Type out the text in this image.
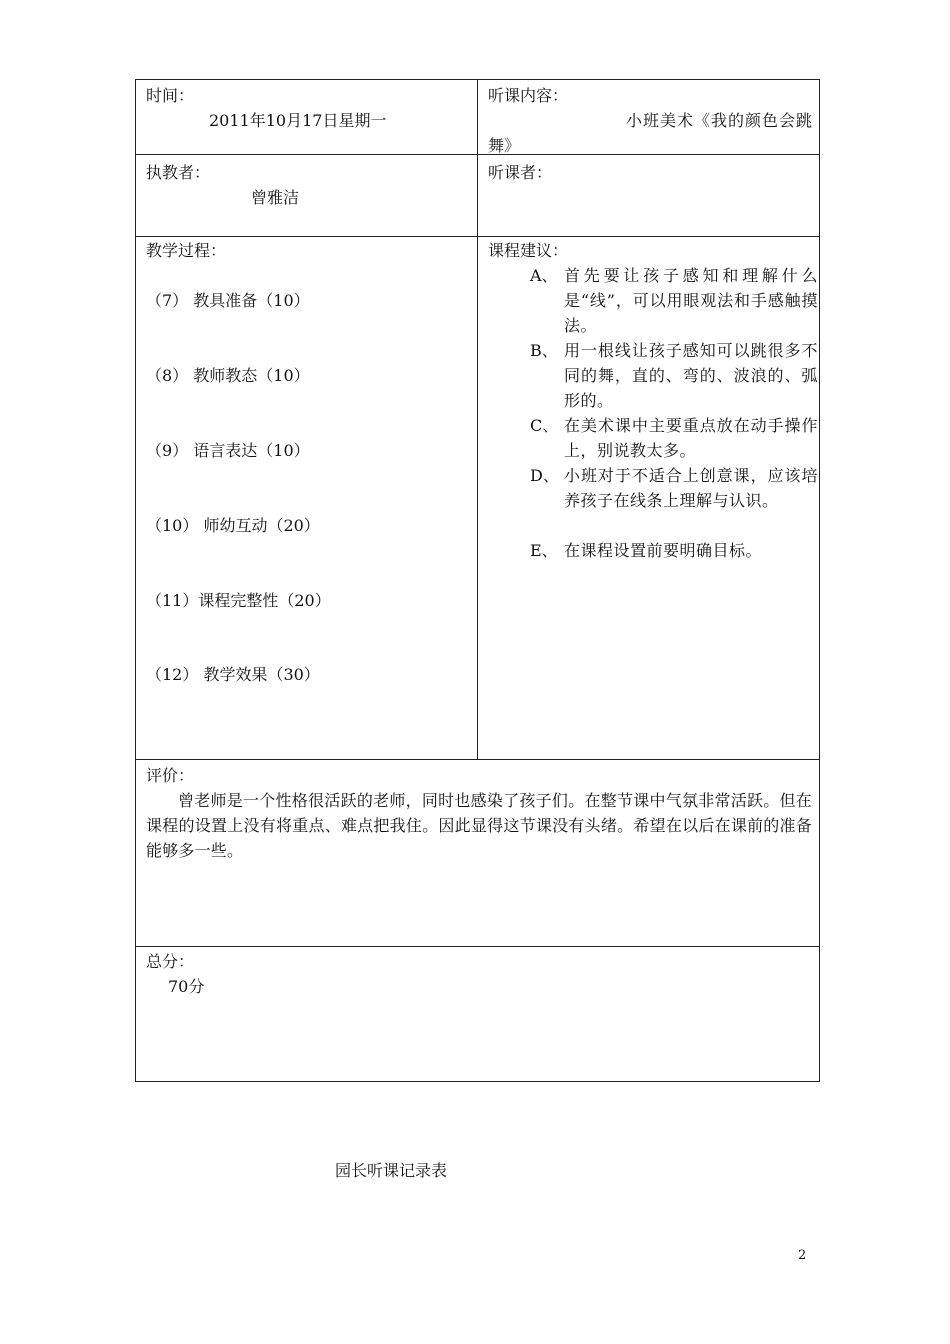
时间：
2011年10月17日星期一
听课内容：
小班美术《我的颜色会跳
舞》
执教者：
曾雅洁
听课者：
教学过程：
（7） 教具准备（10）
（8） 教师教态（10）
（9） 语言表达（10）
（10） 师幼互动（20）
（11）课程完整性（20）
（12） 教学效果（30）
课程建议：
A、 首先要让孩子感知和理解什么是“线”，可以用眼观法和手感触摸法。
B、 用一根线让孩子感知可以跳很多不同的舞，直的、弯的、波浪的、弧形的。
C、 在美术课中主要重点放在动手操作上，别说教太多。
D、 小班对于不适合上创意课，应该培养孩子在线条上理解与认识。
E、 在课程设置前要明确目标。
评价：

曾老师是一个性格很活跃的老师，同时也感染了孩子们。在整节课中气氛非常活跃。但在课程的设置上没有将重点、难点把我住。因此显得这节课没有头绪。希望在以后在课前的准备能够多一些。

总分：
70分
园长听课记录表
2
